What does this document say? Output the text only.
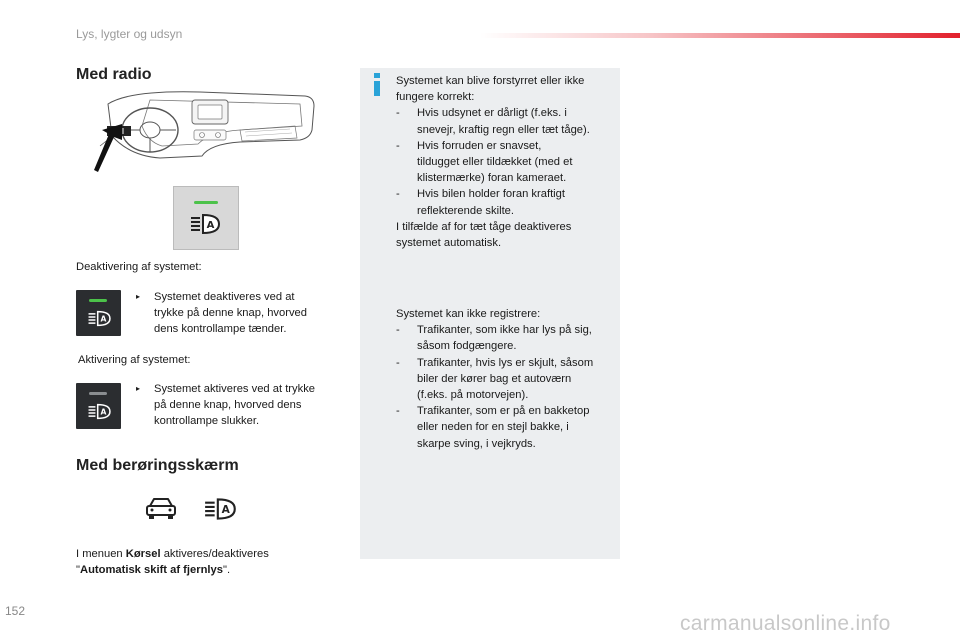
Lys, lygter og udsyn
Med radio
A
Deaktivering af systemet:
A
▸ Systemet deaktiveres ved at
trykke på denne knap, hvorved
dens kontrollampe tænder.
Aktivering af systemet:
A
▸ Systemet aktiveres ved at trykke
på denne knap, hvorved dens
kontrollampe slukker.
Med berøringsskærm
A
I menuen Kørsel aktiveres/deaktiveres
"Automatisk skift af fjernlys".
Systemet kan blive forstyrret eller ikke
fungere korrekt:
- Hvis udsynet er dårligt (f.eks. i
snevejr, kraftig regn eller tæt tåge).
- Hvis forruden er snavset,
tildugget eller tildækket (med et
klistermærke) foran kameraet.
- Hvis bilen holder foran kraftigt
reflekterende skilte.
I tilfælde af for tæt tåge deaktiveres
systemet automatisk.
Systemet kan ikke registrere:
- Trafikanter, som ikke har lys på sig,
såsom fodgængere.
- Trafikanter, hvis lys er skjult, såsom
biler der kører bag et autoværn
(f.eks. på motorvejen).
- Trafikanter, som er på en bakketop
eller neden for en stejl bakke, i
skarpe sving, i vejkryds.
152
carmanualsonline.info
